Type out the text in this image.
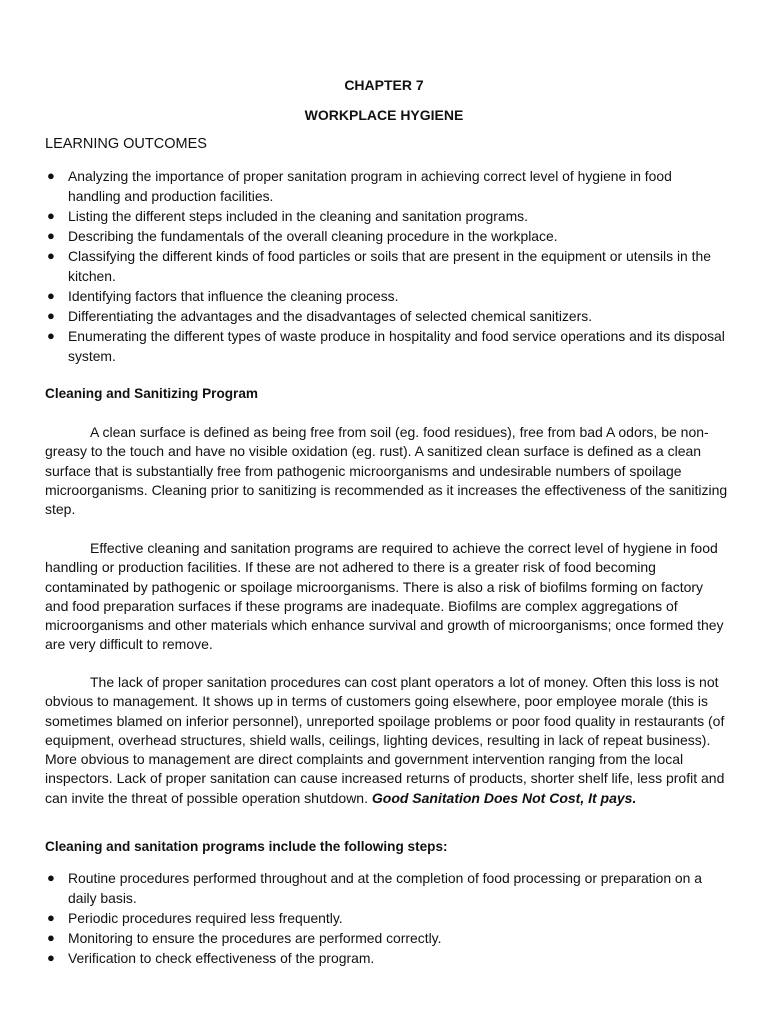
CHAPTER 7

WORKPLACE HYGIENE

LEARNING OUTCOMES

● Analyzing the importance of proper sanitation program in achieving correct level of hygiene in food handling and production facilities.
● Listing the different steps included in the cleaning and sanitation programs.
● Describing the fundamentals of the overall cleaning procedure in the workplace.
● Classifying the different kinds of food particles or soils that are present in the equipment or utensils in the kitchen.
● Identifying factors that influence the cleaning process.
● Differentiating the advantages and the disadvantages of selected chemical sanitizers.
● Enumerating the different types of waste produce in hospitality and food service operations and its disposal system.

Cleaning and Sanitizing Program

A clean surface is defined as being free from soil (eg. food residues), free from bad A odors, be non-greasy to the touch and have no visible oxidation (eg. rust). A sanitized clean surface is defined as a clean surface that is substantially free from pathogenic microorganisms and undesirable numbers of spoilage microorganisms. Cleaning prior to sanitizing is recommended as it increases the effectiveness of the sanitizing step.

Effective cleaning and sanitation programs are required to achieve the correct level of hygiene in food handling or production facilities. If these are not adhered to there is a greater risk of food becoming contaminated by pathogenic or spoilage microorganisms. There is also a risk of biofilms forming on factory and food preparation surfaces if these programs are inadequate. Biofilms are complex aggregations of microorganisms and other materials which enhance survival and growth of microorganisms; once formed they are very difficult to remove.

The lack of proper sanitation procedures can cost plant operators a lot of money. Often this loss is not obvious to management. It shows up in terms of customers going elsewhere, poor employee morale (this is sometimes blamed on inferior personnel), unreported spoilage problems or poor food quality in restaurants (of equipment, overhead structures, shield walls, ceilings, lighting devices, resulting in lack of repeat business). More obvious to management are direct complaints and government intervention ranging from the local inspectors. Lack of proper sanitation can cause increased returns of products, shorter shelf life, less profit and can invite the threat of possible operation shutdown. Good Sanitation Does Not Cost, It pays.

Cleaning and sanitation programs include the following steps:

● Routine procedures performed throughout and at the completion of food processing or preparation on a daily basis.
● Periodic procedures required less frequently.
● Monitoring to ensure the procedures are performed correctly.
● Verification to check effectiveness of the program.
